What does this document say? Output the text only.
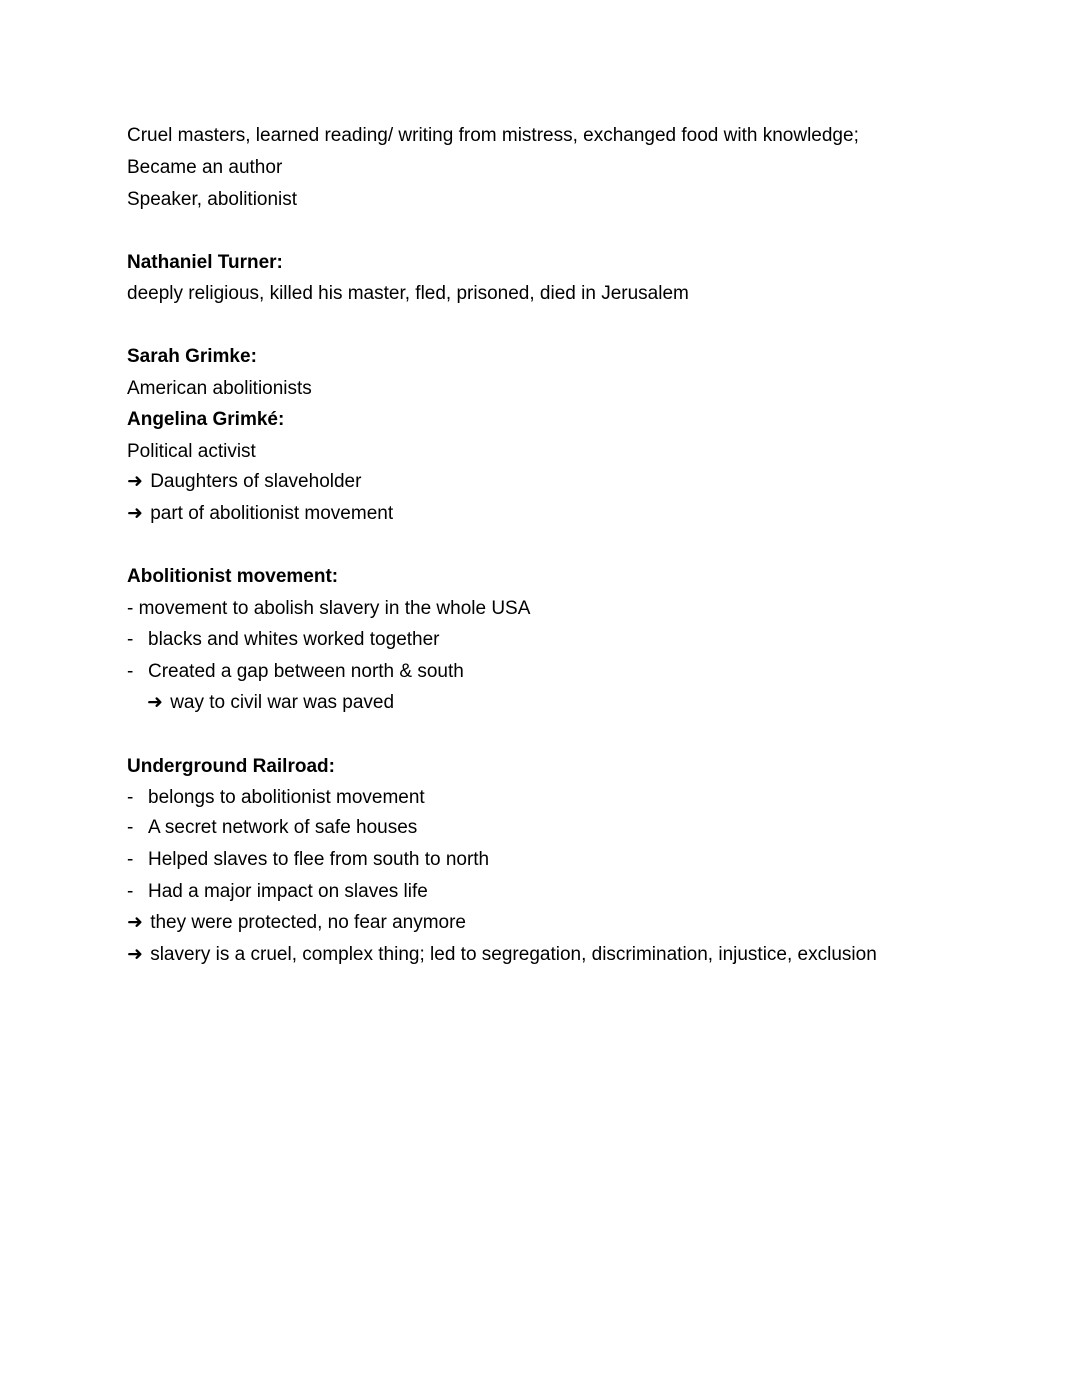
Cruel masters, learned reading/ writing from mistress, exchanged food with knowledge;
Became an author
Speaker, abolitionist
Nathaniel Turner:
deeply religious, killed his master, fled, prisoned, died in Jerusalem
Sarah Grimke:
American abolitionists
Angelina Grimké:
Political activist
➜ Daughters of slaveholder
➜ part of abolitionist movement
Abolitionist movement:
- movement to abolish slavery in the whole USA
- blacks and whites worked together
- Created a gap between north & south
➜ way to civil war was paved
Underground Railroad:
- belongs to abolitionist movement
- A secret network of safe houses
- Helped slaves to flee from south to north
- Had a major impact on slaves life
➜ they were protected, no fear anymore
➜ slavery is a cruel, complex thing; led to segregation, discrimination, injustice, exclusion
